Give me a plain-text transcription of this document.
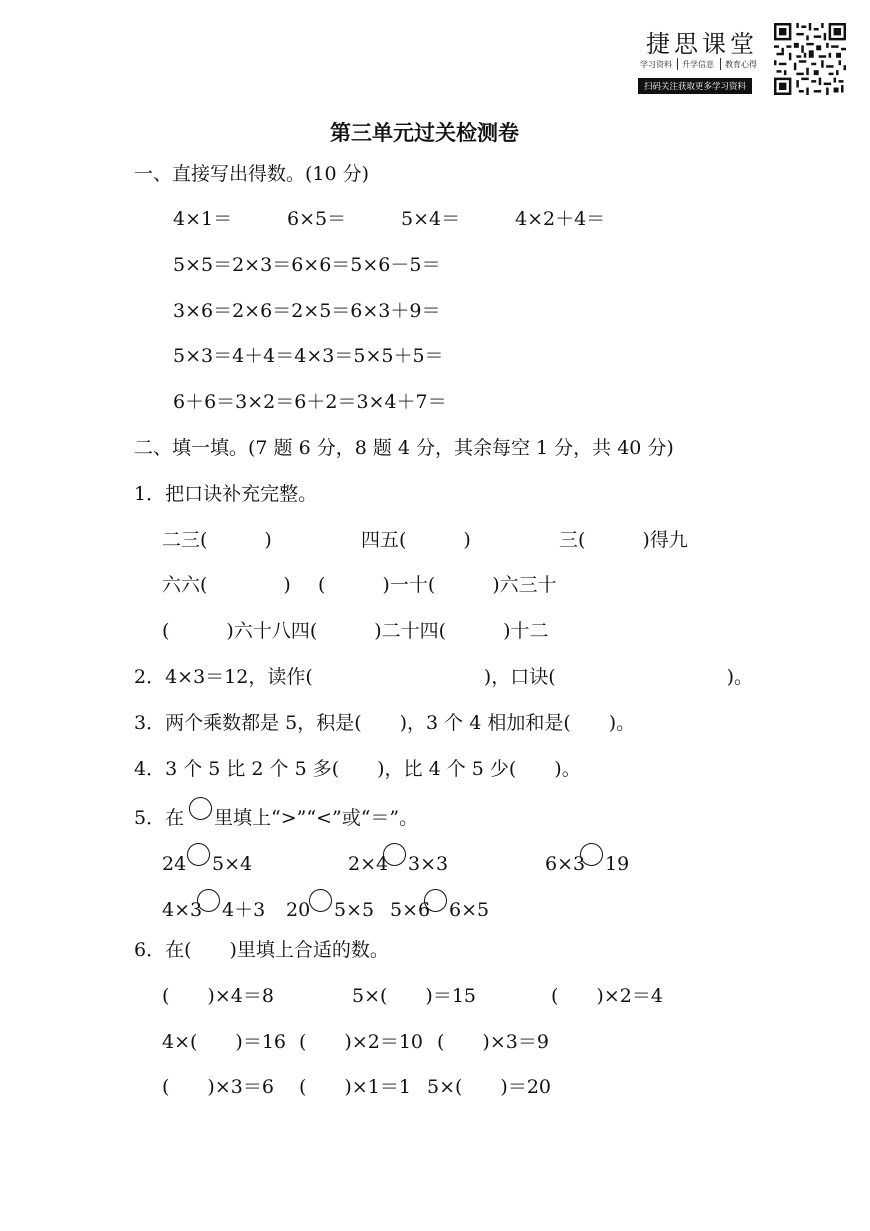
捷思课堂
学习资料 升学信息 教育心得
扫码关注获取更多学习资料
第三单元过关检测卷
一、直接写出得数。(10 分)
4×1＝	6×5＝	5×4＝	4×2＋4＝
5×5＝2×3＝6×6＝5×6－5＝
3×6＝2×6＝2×5＝6×3＋9＝
5×3＝4＋4＝4×3＝5×5＋5＝
6＋6＝3×2＝6＋2＝3×4＋7＝
二、填一填。(7 题 6 分，8 题 4 分，其余每空 1 分，共 40 分)
1．把口诀补充完整。
二三(　　　)	四五(　　　)	三(　　　)得九
六六(　　　　) (　　　)一十(　　　)六三十
(　　　)六十八四(　　　)二十四(　　　)十二
2．4×3＝12，读作(　　　　　　　　　)，口诀(　　　　　　　　　)。
3．两个乘数都是 5，积是(　　)，3 个 4 相加和是(　　)。
4．3 个 5 比 2 个 5 多(　　)，比 4 个 5 少(　　)。
5．在 里填上“>”“<”或“＝”。
24 5×4	2×4 3×3	6×3 19
4×3 4＋3 20 5×5 5×6 6×5
6．在(　　)里填上合适的数。
(　　)×4＝8	5×(　　)＝15	(　　)×2＝4
4×(　　)＝16 (　　)×2＝10 (　　)×3＝9
(　　)×3＝6 (　　)×1＝1 5×(　　)＝20
